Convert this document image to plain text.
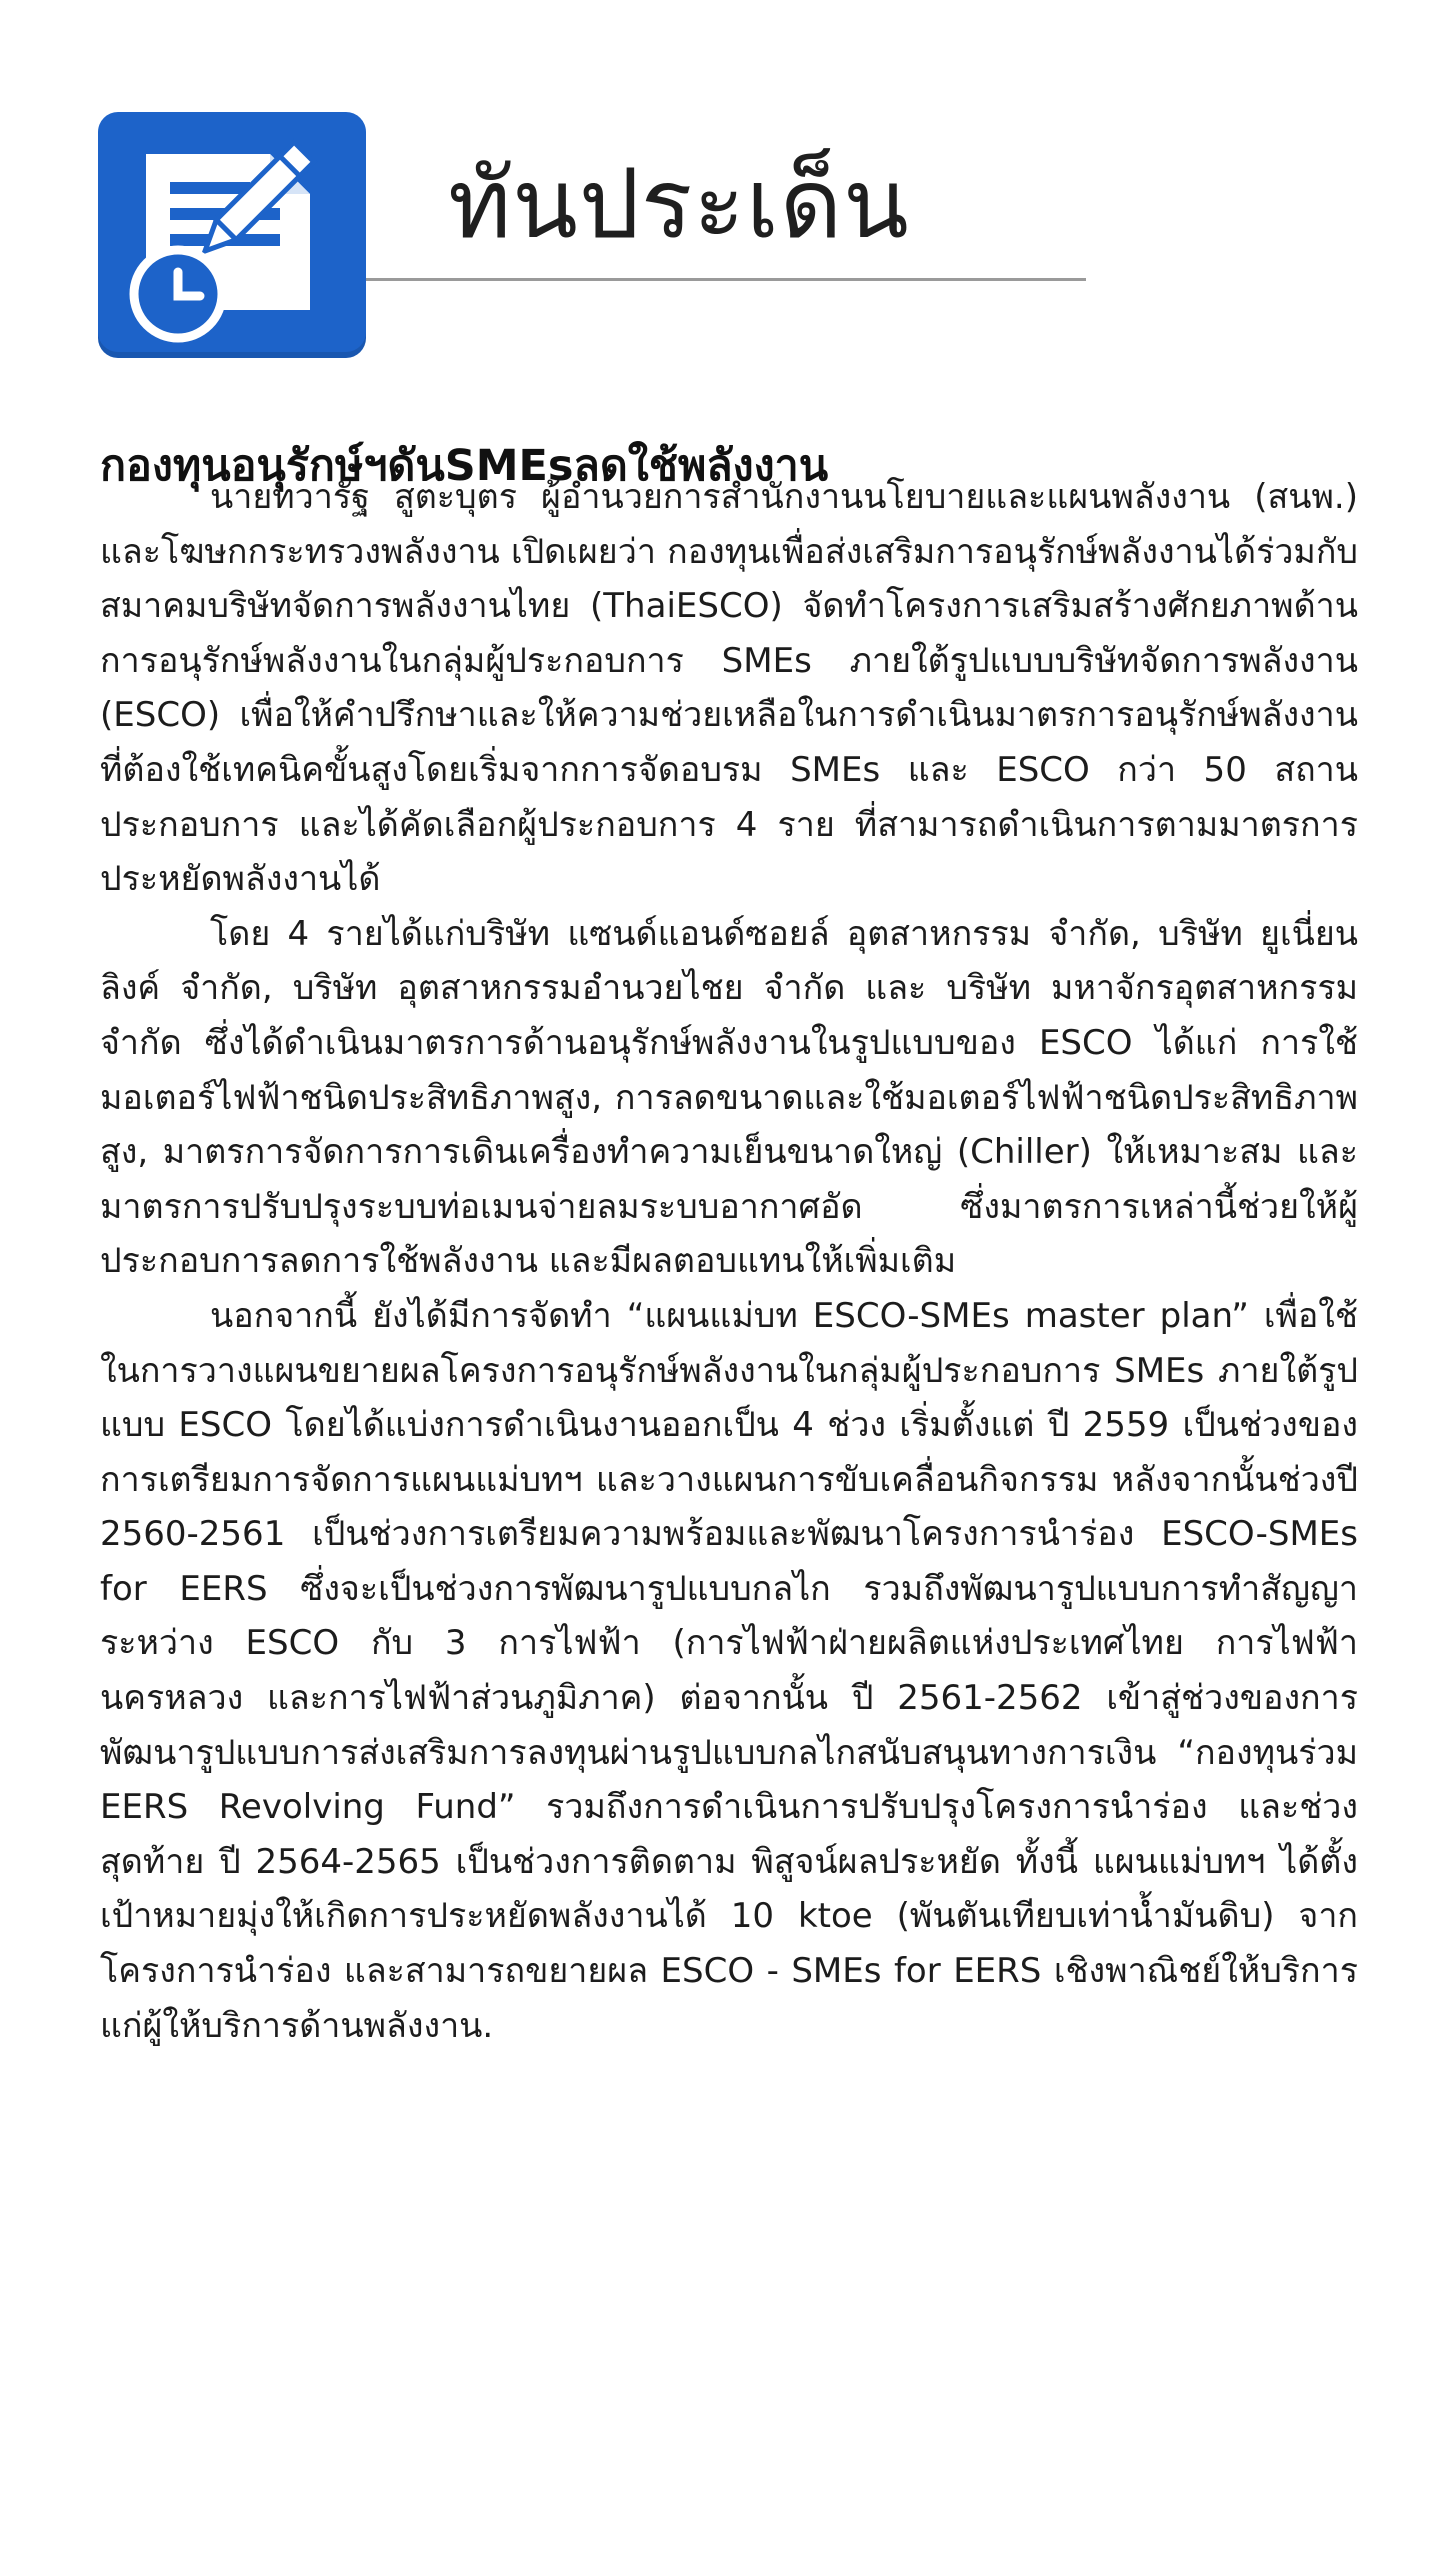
ทันประเด็น
กองทุนอนุรักษ์ฯดันSMEsลดใช้พลังงาน

นายทวารัฐ สูตะบุตร ผู้อำนวยการสำนักงานนโยบายและแผนพลังงาน (สนพ.) และโฆษกกระทรวงพลังงาน เปิดเผยว่า กองทุนเพื่อส่งเสริมการอนุรักษ์พลังงานได้ร่วมกับ สมาคมบริษัทจัดการพลังงานไทย (ThaiESCO) จัดทำโครงการเสริมสร้างศักยภาพด้านการอนุรักษ์พลังงานในกลุ่มผู้ประกอบการ SMEs ภายใต้รูปแบบบริษัทจัดการพลังงาน (ESCO) เพื่อให้คำปรึกษาและให้ความช่วยเหลือในการดำเนินมาตรการอนุรักษ์พลังงานที่ต้องใช้เทคนิคขั้นสูงโดยเริ่มจากการจัดอบรม SMEs และ ESCO กว่า 50 สถานประกอบการ และได้คัดเลือกผู้ประกอบการ 4 ราย ที่สามารถดำเนินการตามมาตรการประหยัดพลังงานได้

โดย 4 รายได้แก่บริษัท แซนด์แอนด์ซอยล์ อุตสาหกรรม จำกัด, บริษัท ยูเนี่ยนลิงค์ จำกัด, บริษัท อุตสาหกรรมอำนวยไชย จำกัด และ บริษัท มหาจักรอุตสาหกรรม จำกัด ซึ่งได้ดำเนินมาตรการด้านอนุรักษ์พลังงานในรูปแบบของ ESCO ได้แก่ การใช้มอเตอร์ไฟฟ้าชนิดประสิทธิภาพสูง, การลดขนาดและใช้มอเตอร์ไฟฟ้าชนิดประสิทธิภาพสูง, มาตรการจัดการการเดินเครื่องทำความเย็นขนาดใหญ่ (Chiller) ให้เหมาะสม และมาตรการปรับปรุงระบบท่อเมนจ่ายลมระบบอากาศอัด ซึ่งมาตรการเหล่านี้ช่วยให้ผู้ประกอบการลดการใช้พลังงาน และมีผลตอบแทนให้เพิ่มเติม

นอกจากนี้ ยังได้มีการจัดทำ “แผนแม่บท ESCO-SMEs master plan” เพื่อใช้ในการวางแผนขยายผลโครงการอนุรักษ์พลังงานในกลุ่มผู้ประกอบการ SMEs ภายใต้รูปแบบ ESCO โดยได้แบ่งการดำเนินงานออกเป็น 4 ช่วง เริ่มตั้งแต่ ปี 2559 เป็นช่วงของการเตรียมการจัดการแผนแม่บทฯ และวางแผนการขับเคลื่อนกิจกรรม หลังจากนั้นช่วงปี 2560-2561 เป็นช่วงการเตรียมความพร้อมและพัฒนาโครงการนำร่อง ESCO-SMEs for EERS ซึ่งจะเป็นช่วงการพัฒนารูปแบบกลไก รวมถึงพัฒนารูปแบบการทำสัญญาระหว่าง ESCO กับ 3 การไฟฟ้า (การไฟฟ้าฝ่ายผลิตแห่งประเทศไทย การไฟฟ้านครหลวง และการไฟฟ้าส่วนภูมิภาค) ต่อจากนั้น ปี 2561-2562 เข้าสู่ช่วงของการพัฒนารูปแบบการส่งเสริมการลงทุนผ่านรูปแบบกลไกสนับสนุนทางการเงิน “กองทุนร่วม EERS Revolving Fund” รวมถึงการดำเนินการปรับปรุงโครงการนำร่อง และช่วงสุดท้าย ปี 2564-2565 เป็นช่วงการติดตาม พิสูจน์ผลประหยัด ทั้งนี้ แผนแม่บทฯ ได้ตั้งเป้าหมายมุ่งให้เกิดการประหยัดพลังงานได้ 10 ktoe (พันตันเทียบเท่าน้ำมันดิบ) จากโครงการนำร่อง และสามารถขยายผล ESCO - SMEs for EERS เชิงพาณิชย์ให้บริการแก่ผู้ให้บริการด้านพลังงาน.
